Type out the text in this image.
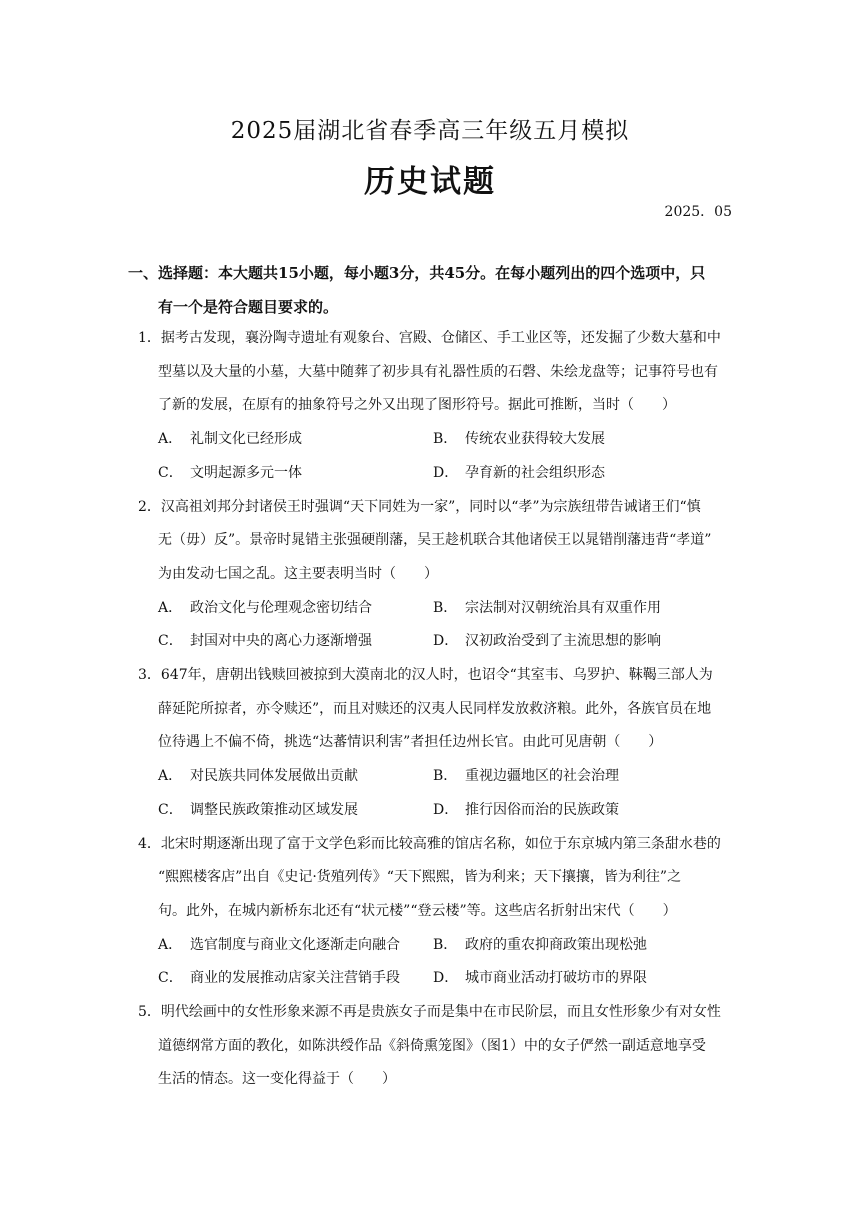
2025届湖北省春季高三年级五月模拟
历史试题
2025．05
一、选择题：本大题共15小题，每小题3分，共45分。在每小题列出的四个选项中，只
有一个是符合题目要求的。
1．据考古发现，襄汾陶寺遗址有观象台、宫殿、仓储区、手工业区等，还发掘了少数大墓和中
型墓以及大量的小墓，大墓中随葬了初步具有礼器性质的石磬、朱绘龙盘等；记事符号也有
了新的发展，在原有的抽象符号之外又出现了图形符号。据此可推断，当时（　　）
A． 礼制文化已经形成	B． 传统农业获得较大发展
C． 文明起源多元一体	D． 孕育新的社会组织形态
2．汉高祖刘邦分封诸侯王时强调“天下同姓为一家”，同时以“孝”为宗族纽带告诫诸王们“慎
无（毋）反”。景帝时晁错主张强硬削藩，吴王趁机联合其他诸侯王以晁错削藩违背“孝道”
为由发动七国之乱。这主要表明当时（　　）
A． 政治文化与伦理观念密切结合	B． 宗法制对汉朝统治具有双重作用
C． 封国对中央的离心力逐渐增强	D． 汉初政治受到了主流思想的影响
3．647年，唐朝出钱赎回被掠到大漠南北的汉人时，也诏令“其室韦、乌罗护、靺鞨三部人为
薛延陀所掠者，亦令赎还”，而且对赎还的汉夷人民同样发放救济粮。此外，各族官员在地
位待遇上不偏不倚，挑选“达蕃情识利害”者担任边州长官。由此可见唐朝（　　）
A． 对民族共同体发展做出贡献	B． 重视边疆地区的社会治理
C． 调整民族政策推动区域发展	D． 推行因俗而治的民族政策
4．北宋时期逐渐出现了富于文学色彩而比较高雅的馆店名称，如位于东京城内第三条甜水巷的
“熙熙楼客店”出自《史记·货殖列传》“天下熙熙，皆为利来；天下攘攘，皆为利往”之
句。此外，在城内新桥东北还有“状元楼”“登云楼”等。这些店名折射出宋代（　　）
A． 选官制度与商业文化逐渐走向融合	B． 政府的重农抑商政策出现松弛
C． 商业的发展推动店家关注营销手段	D． 城市商业活动打破坊市的界限
5．明代绘画中的女性形象来源不再是贵族女子而是集中在市民阶层，而且女性形象少有对女性
道德纲常方面的教化，如陈洪绶作品《斜倚熏笼图》（图1）中的女子俨然一副适意地享受
生活的情态。这一变化得益于（　　）
